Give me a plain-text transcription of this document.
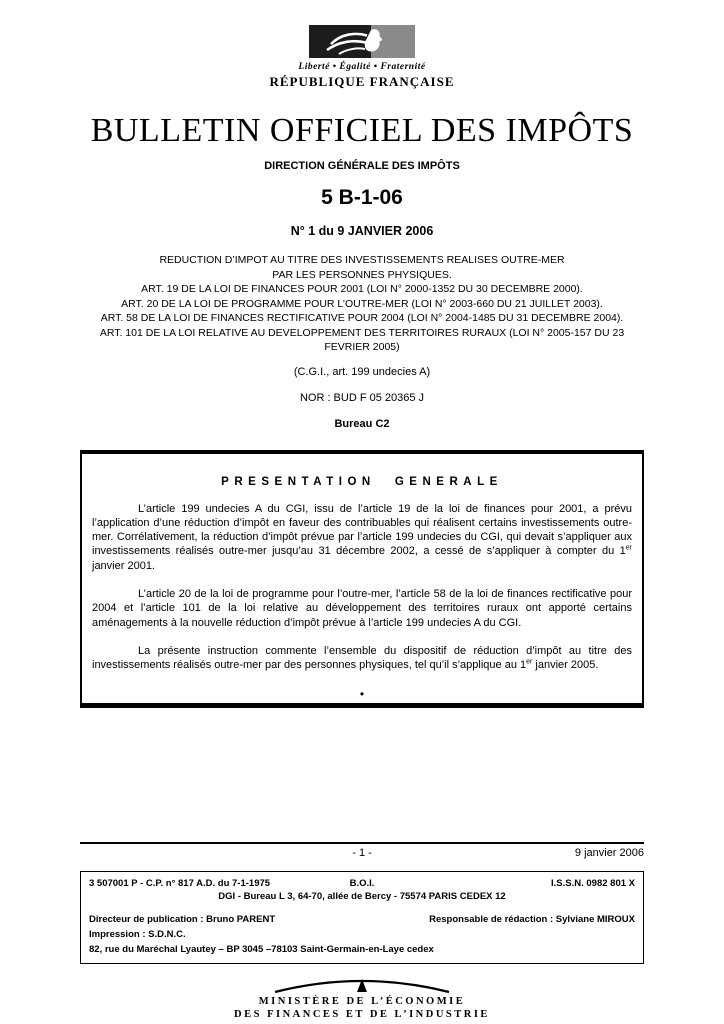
Liberté • Égalité • Fraternité
RÉPUBLIQUE FRANÇAISE
BULLETIN OFFICIEL DES IMPÔTS
DIRECTION GÉNÉRALE DES IMPÔTS
5 B-1-06
N° 1 du 9 JANVIER 2006
REDUCTION D’IMPOT AU TITRE DES INVESTISSEMENTS REALISES OUTRE-MER
PAR LES PERSONNES PHYSIQUES.
ART. 19 DE LA LOI DE FINANCES POUR 2001 (LOI N° 2000-1352 DU 30 DECEMBRE 2000).
ART. 20 DE LA LOI DE PROGRAMME POUR L’OUTRE-MER (LOI N° 2003-660 DU 21 JUILLET 2003).
ART. 58 DE LA LOI DE FINANCES RECTIFICATIVE POUR 2004 (LOI N° 2004-1485 DU 31 DECEMBRE 2004).
ART. 101 DE LA LOI RELATIVE AU DEVELOPPEMENT DES TERRITOIRES RURAUX (LOI N° 2005-157 DU 23 FEVRIER 2005)
(C.G.I., art. 199 undecies A)
NOR : BUD F 05 20365 J
Bureau C2
PRESENTATION GENERALE

L’article 199 undecies A du CGI, issu de l’article 19 de la loi de finances pour 2001, a prévu l’application d’une réduction d’impôt en faveur des contribuables qui réalisent certains investissements outre-mer. Corrélativement, la réduction d’impôt prévue par l’article 199 undecies du CGI, qui devait s’appliquer aux investissements réalisés outre-mer jusqu’au 31 décembre 2002, a cessé de s’appliquer à compter du 1er janvier 2001.

L’article 20 de la loi de programme pour l’outre-mer, l’article 58 de la loi de finances rectificative pour 2004 et l’article 101 de la loi relative au développement des territoires ruraux ont apporté certains aménagements à la nouvelle réduction d’impôt prévue à l’article 199 undecies A du CGI.

La présente instruction commente l’ensemble du dispositif de réduction d’impôt au titre des investissements réalisés outre-mer par des personnes physiques, tel qu’il s’applique au 1er janvier 2005.

•
- 1 -	9 janvier 2006
3 507001 P - C.P. n° 817 A.D. du 7-1-1975	B.O.I.	I.S.S.N. 0982 801 X
DGI - Bureau L 3, 64-70, allée de Bercy - 75574 PARIS CEDEX 12
Directeur de publication : Bruno PARENT	Responsable de rédaction : Sylviane MIROUX
Impression : S.D.N.C.
82, rue du Maréchal Lyautey – BP 3045 –78103 Saint-Germain-en-Laye cedex
MINISTÈRE DE L’ÉCONOMIE
DES FINANCES ET DE L’INDUSTRIE
